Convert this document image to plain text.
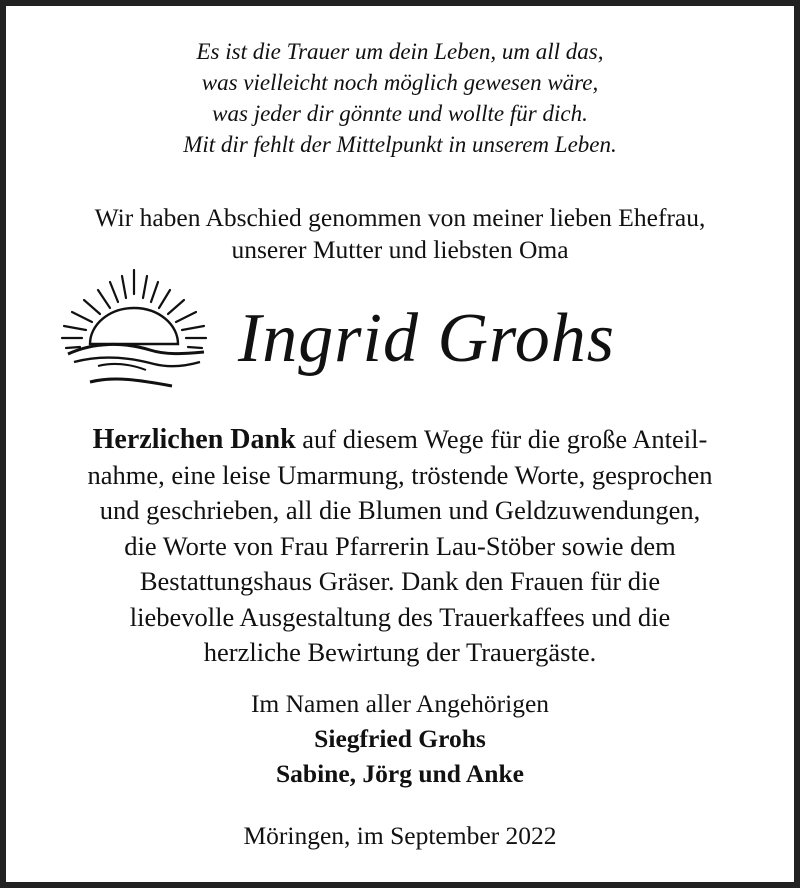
Es ist die Trauer um dein Leben, um all das,
was vielleicht noch möglich gewesen wäre,
was jeder dir gönnte und wollte für dich.
Mit dir fehlt der Mittelpunkt in unserem Leben.
Wir haben Abschied genommen von meiner lieben Ehefrau,
unserer Mutter und liebsten Oma
Ingrid Grohs
Herzlichen Dank auf diesem Wege für die große Anteil-
nahme, eine leise Umarmung, tröstende Worte, gesprochen
und geschrieben, all die Blumen und Geldzuwendungen,
die Worte von Frau Pfarrerin Lau-Stöber sowie dem
Bestattungshaus Gräser. Dank den Frauen für die
liebevolle Ausgestaltung des Trauerkaffees und die
herzliche Bewirtung der Trauergäste.
Im Namen aller Angehörigen
Siegfried Grohs
Sabine, Jörg und Anke
Möringen, im September 2022
